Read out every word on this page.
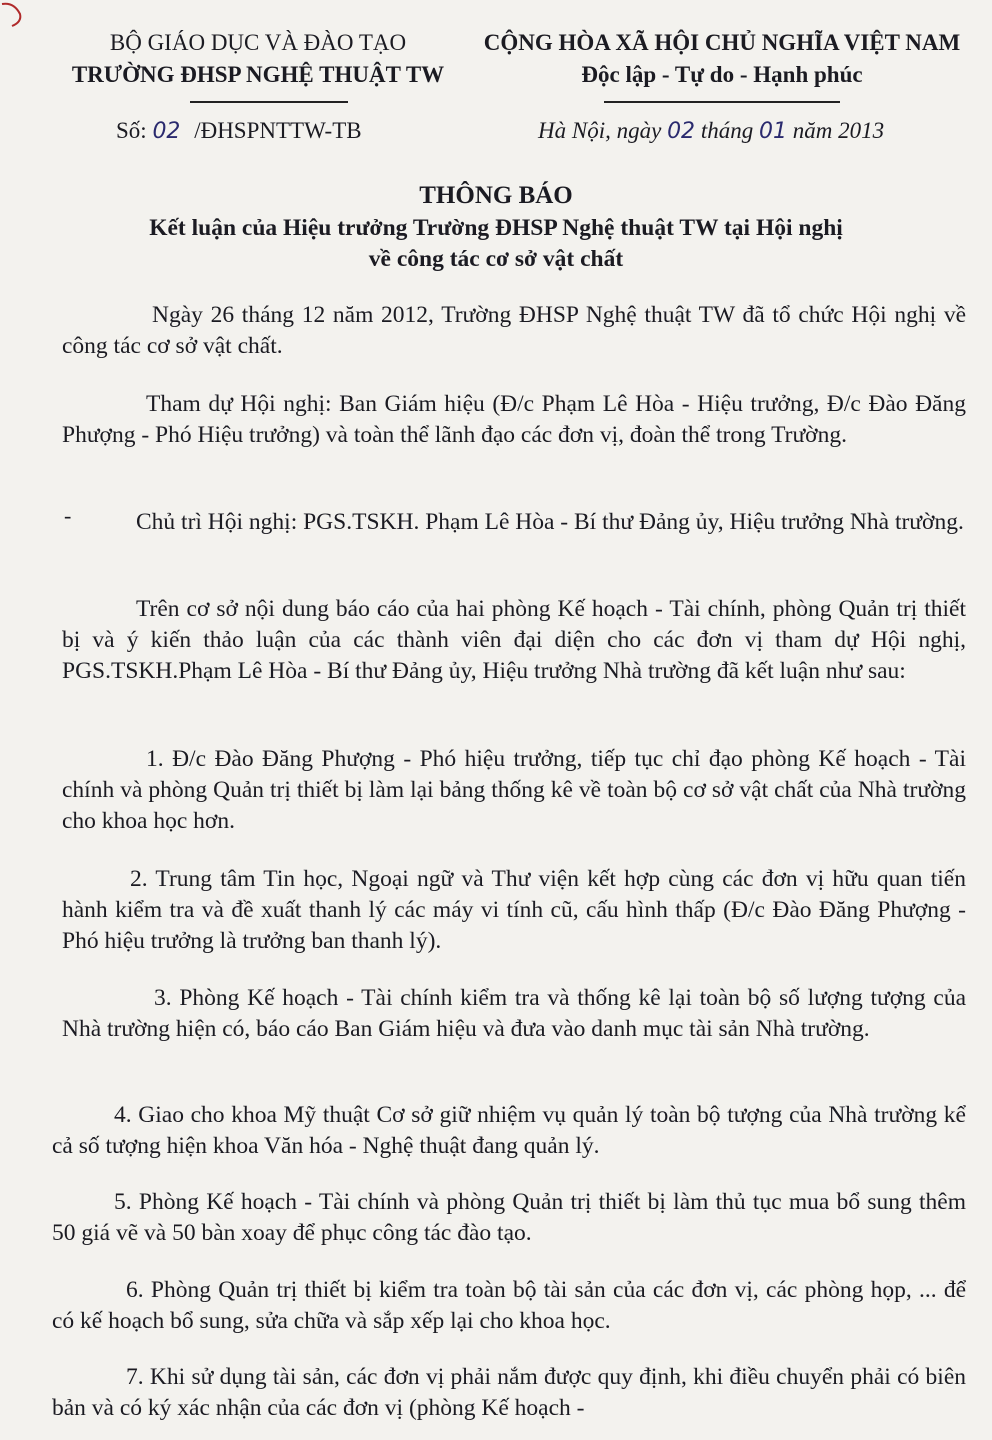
BỘ GIÁO DỤC VÀ ĐÀO TẠO
TRƯỜNG ĐHSP NGHỆ THUẬT TW
Số: 02 /ĐHSPNTTW-TB
CỘNG HÒA XÃ HỘI CHỦ NGHĨA VIỆT NAM
Độc lập - Tự do - Hạnh phúc
Hà Nội, ngày 02 tháng 01 năm 2013
THÔNG BÁO
Kết luận của Hiệu trưởng Trường ĐHSP Nghệ thuật TW tại Hội nghị
về công tác cơ sở vật chất
Ngày 26 tháng 12 năm 2012, Trường ĐHSP Nghệ thuật TW đã tổ chức Hội nghị về công tác cơ sở vật chất.
Tham dự Hội nghị: Ban Giám hiệu (Đ/c Phạm Lê Hòa - Hiệu trưởng, Đ/c Đào Đăng Phượng - Phó Hiệu trưởng) và toàn thể lãnh đạo các đơn vị, đoàn thể trong Trường.
-	Chủ trì Hội nghị: PGS.TSKH. Phạm Lê Hòa - Bí thư Đảng ủy, Hiệu trưởng Nhà trường.
Trên cơ sở nội dung báo cáo của hai phòng Kế hoạch - Tài chính, phòng Quản trị thiết bị và ý kiến thảo luận của các thành viên đại diện cho các đơn vị tham dự Hội nghị, PGS.TSKH.Phạm Lê Hòa - Bí thư Đảng ủy, Hiệu trưởng Nhà trường đã kết luận như sau:
1. Đ/c Đào Đăng Phượng - Phó hiệu trưởng, tiếp tục chỉ đạo phòng Kế hoạch - Tài chính và phòng Quản trị thiết bị làm lại bảng thống kê về toàn bộ cơ sở vật chất của Nhà trường cho khoa học hơn.
2. Trung tâm Tin học, Ngoại ngữ và Thư viện kết hợp cùng các đơn vị hữu quan tiến hành kiểm tra và đề xuất thanh lý các máy vi tính cũ, cấu hình thấp (Đ/c Đào Đăng Phượng - Phó hiệu trưởng là trưởng ban thanh lý).
3. Phòng Kế hoạch - Tài chính kiểm tra và thống kê lại toàn bộ số lượng tượng của Nhà trường hiện có, báo cáo Ban Giám hiệu và đưa vào danh mục tài sản Nhà trường.
4. Giao cho khoa Mỹ thuật Cơ sở giữ nhiệm vụ quản lý toàn bộ tượng của Nhà trường kể cả số tượng hiện khoa Văn hóa - Nghệ thuật đang quản lý.
5. Phòng Kế hoạch - Tài chính và phòng Quản trị thiết bị làm thủ tục mua bổ sung thêm 50 giá vẽ và 50 bàn xoay để phục công tác đào tạo.
6. Phòng Quản trị thiết bị kiểm tra toàn bộ tài sản của các đơn vị, các phòng họp, ... để có kế hoạch bổ sung, sửa chữa và sắp xếp lại cho khoa học.
7. Khi sử dụng tài sản, các đơn vị phải nắm được quy định, khi điều chuyển phải có biên bản và có ký xác nhận của các đơn vị (phòng Kế hoạch -
